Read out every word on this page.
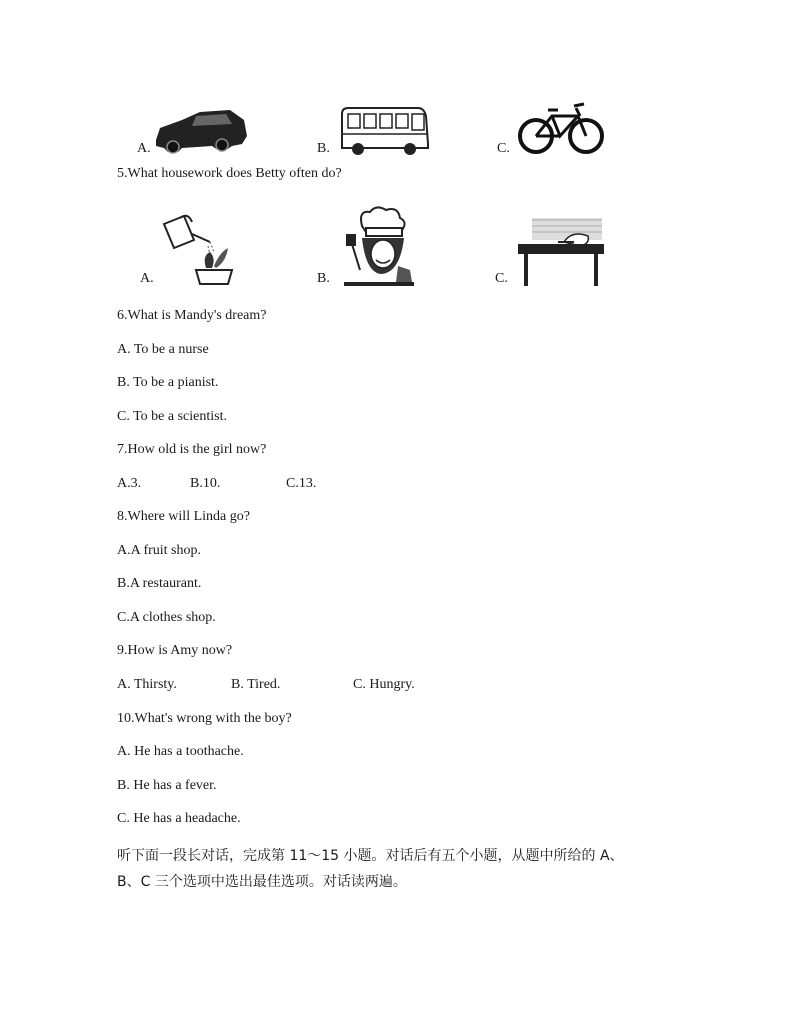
A.	B.	C.
5.What housework does Betty often do?
A.	B.	C.
6.What is Mandy's dream?
A. To be a nurse
B. To be a pianist.
C. To be a scientist.
7.How old is the girl now?
A.3.	B.10.	C.13.
8.Where will Linda go?
A.A fruit shop.
B.A restaurant.
C.A clothes shop.
9.How is Amy now?
A. Thirsty.	B. Tired.	C. Hungry.
10.What's wrong with the boy?
A. He has a toothache.
B. He has a fever.
C. He has a headache.
听下面一段长对话，完成第 11～15 小题。对话后有五个小题，从题中所给的 A、
B、C 三个选项中选出最佳选项。对话读两遍。
